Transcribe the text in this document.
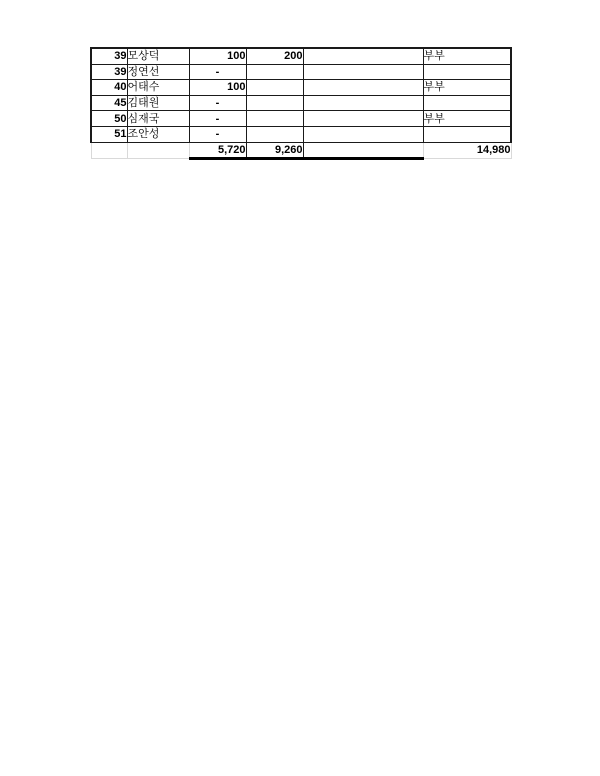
39	모상덕	100	200		부부
39	정연선	-			
40	어태수	100			부부
45	김태원	-			
50	심재국	-			부부
51	조안성	-			
		5,720	9,260		14,980
